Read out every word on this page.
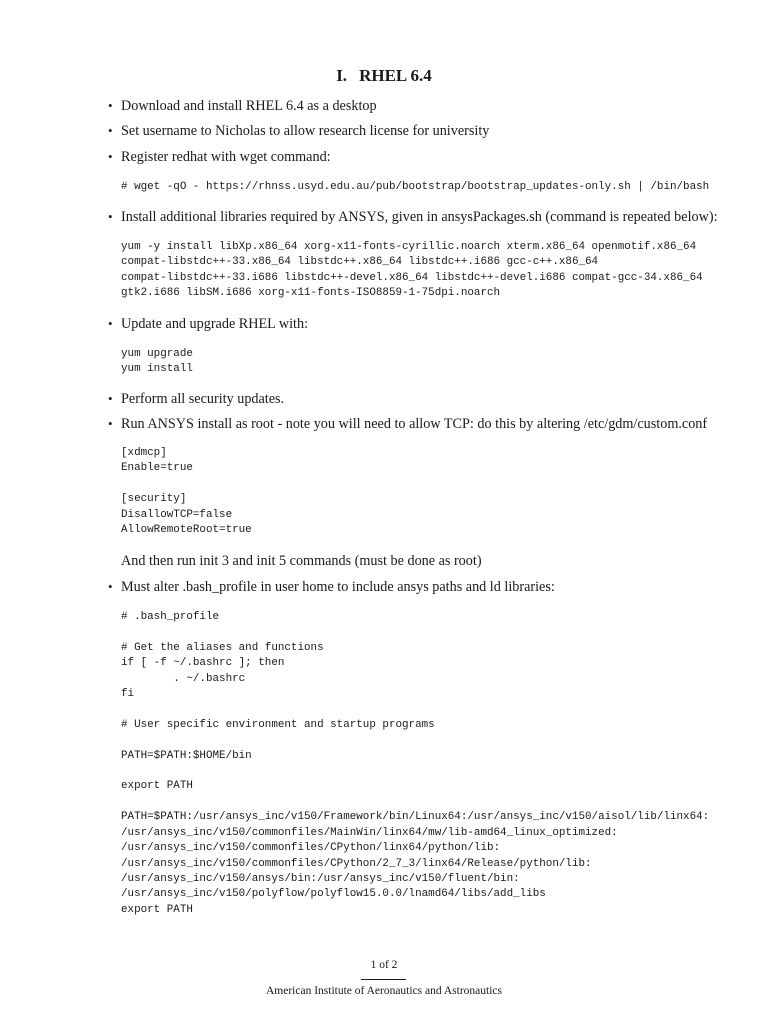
I. RHEL 6.4
• Download and install RHEL 6.4 as a desktop
• Set username to Nicholas to allow research license for university
• Register redhat with wget command:
# wget -qO - https://rhnss.usyd.edu.au/pub/bootstrap/bootstrap_updates-only.sh | /bin/bash
• Install additional libraries required by ANSYS, given in ansysPackages.sh (command is repeated below):
yum -y install libXp.x86_64 xorg-x11-fonts-cyrillic.noarch xterm.x86_64 openmotif.x86_64
compat-libstdc++-33.x86_64 libstdc++.x86_64 libstdc++.i686 gcc-c++.x86_64
compat-libstdc++-33.i686 libstdc++-devel.x86_64 libstdc++-devel.i686 compat-gcc-34.x86_64
gtk2.i686 libSM.i686 xorg-x11-fonts-ISO8859-1-75dpi.noarch
• Update and upgrade RHEL with:
yum upgrade
yum install
• Perform all security updates.
• Run ANSYS install as root - note you will need to allow TCP: do this by altering /etc/gdm/custom.conf
[xdmcp]
Enable=true

[security]
DisallowTCP=false
AllowRemoteRoot=true
And then run init 3 and init 5 commands (must be done as root)
• Must alter .bash_profile in user home to include ansys paths and ld libraries:
# .bash_profile

# Get the aliases and functions
if [ -f ~/.bashrc ]; then
. ~/.bashrc
fi

# User specific environment and startup programs

PATH=$PATH:$HOME/bin

export PATH

PATH=$PATH:/usr/ansys_inc/v150/Framework/bin/Linux64:/usr/ansys_inc/v150/aisol/lib/linx64:
/usr/ansys_inc/v150/commonfiles/MainWin/linx64/mw/lib-amd64_linux_optimized:
/usr/ansys_inc/v150/commonfiles/CPython/linx64/python/lib:
/usr/ansys_inc/v150/commonfiles/CPython/2_7_3/linx64/Release/python/lib:
/usr/ansys_inc/v150/ansys/bin:/usr/ansys_inc/v150/fluent/bin:
/usr/ansys_inc/v150/polyflow/polyflow15.0.0/lnamd64/libs/add_libs
export PATH
1 of 2
American Institute of Aeronautics and Astronautics
